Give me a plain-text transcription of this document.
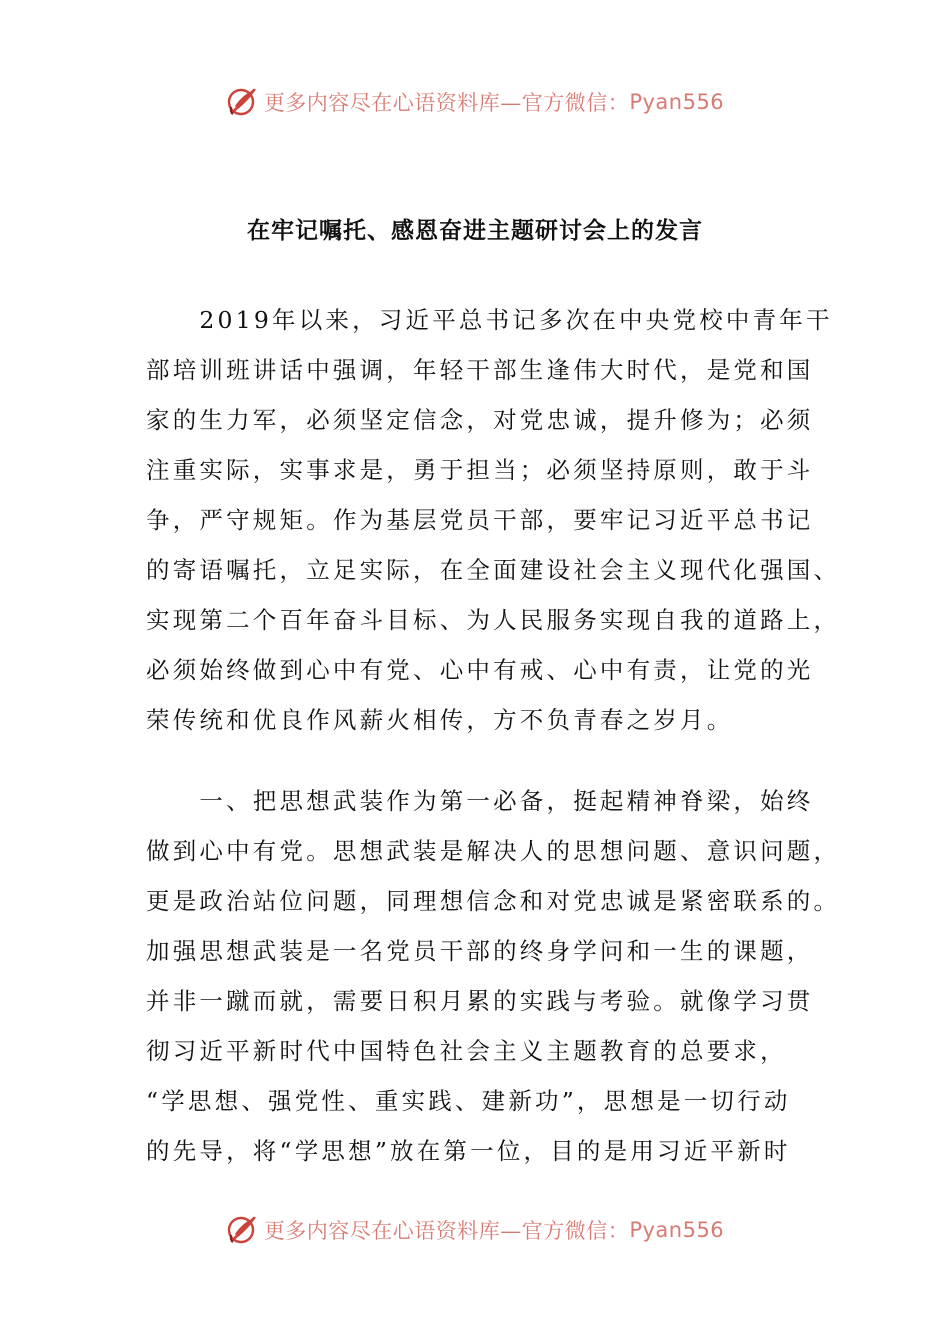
更多内容尽在心语资料库—官方微信： Pyan556
在牢记嘱托、感恩奋进主题研讨会上的发言

　　2019年以来，习近平总书记多次在中央党校中青年干
部培训班讲话中强调，年轻干部生逢伟大时代，是党和国
家的生力军，必须坚定信念，对党忠诚，提升修为；必须
注重实际，实事求是，勇于担当；必须坚持原则，敢于斗
争，严守规矩。作为基层党员干部，要牢记习近平总书记
的寄语嘱托，立足实际，在全面建设社会主义现代化强国、
实现第二个百年奋斗目标、为人民服务实现自我的道路上，
必须始终做到心中有党、心中有戒、心中有责，让党的光
荣传统和优良作风薪火相传，方不负青春之岁月。

　　一、把思想武装作为第一必备，挺起精神脊梁，始终
做到心中有党。思想武装是解决人的思想问题、意识问题，
更是政治站位问题，同理想信念和对党忠诚是紧密联系的。
加强思想武装是一名党员干部的终身学问和一生的课题，
并非一蹴而就，需要日积月累的实践与考验。就像学习贯
彻习近平新时代中国特色社会主义主题教育的总要求，
“学思想、强党性、重实践、建新功”，思想是一切行动
的先导，将“学思想”放在第一位，目的是用习近平新时

更多内容尽在心语资料库—官方微信： Pyan556
